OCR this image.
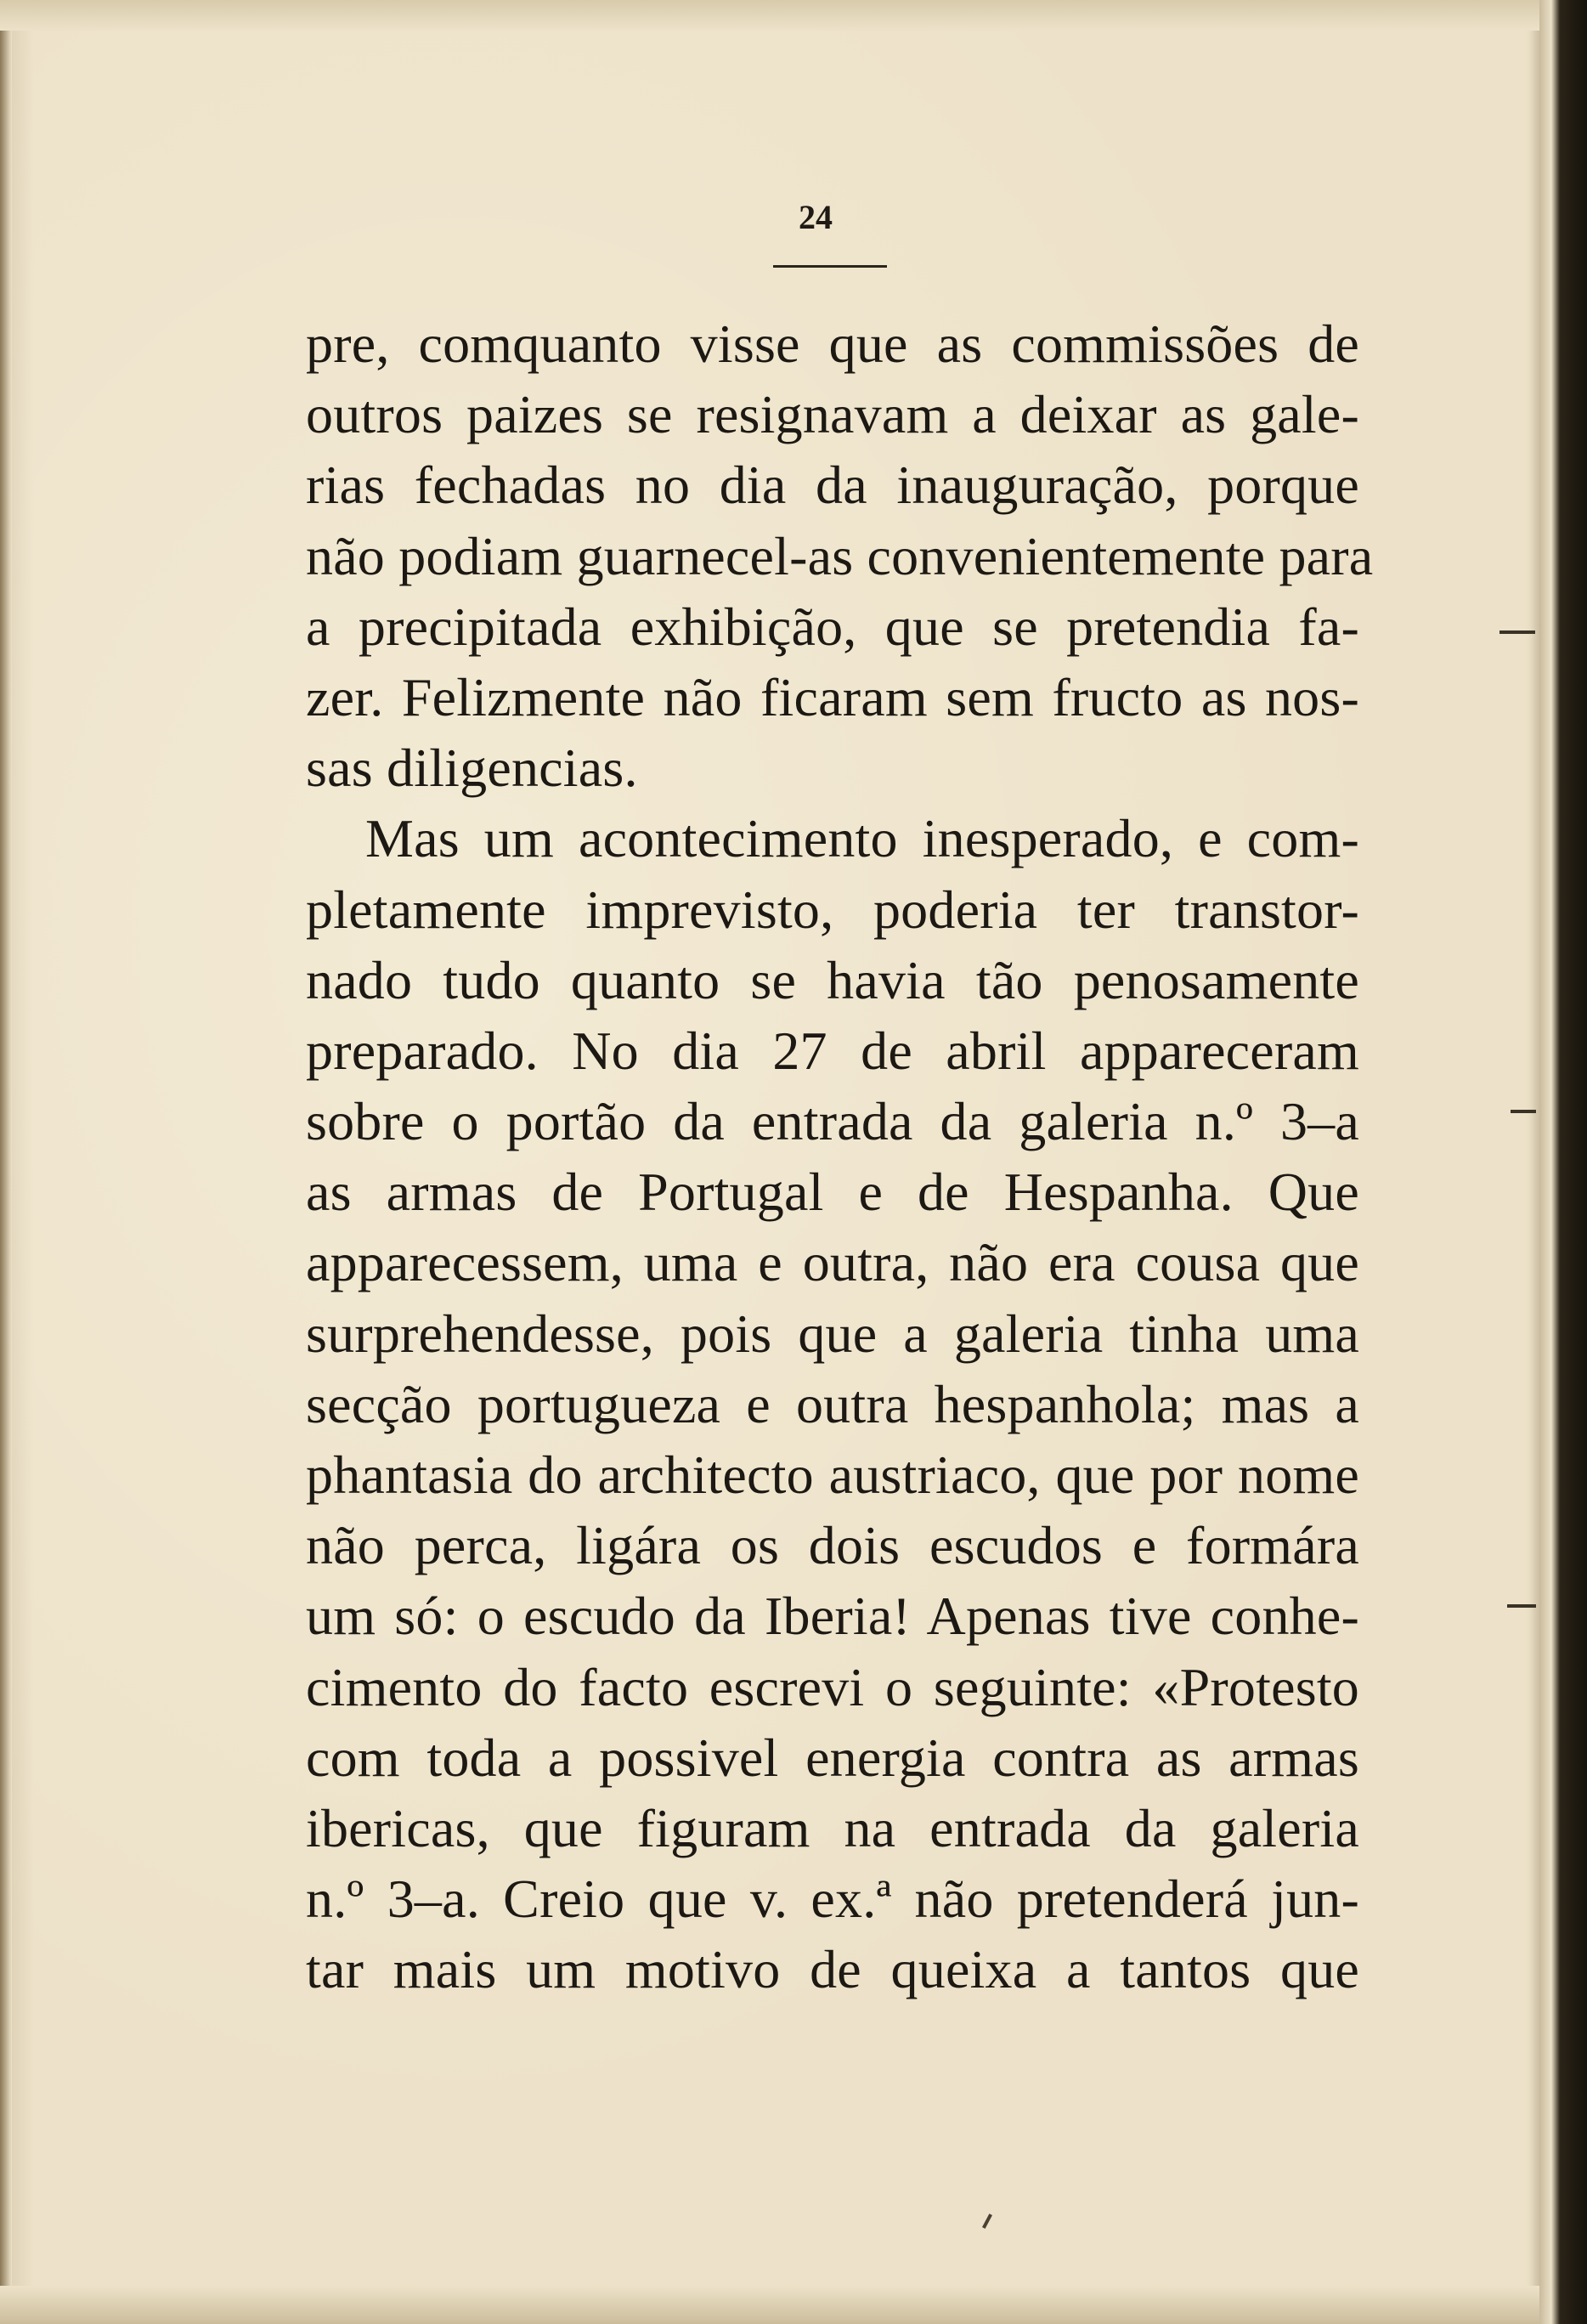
24
pre, comquanto visse que as commissões de
outros paizes se resignavam a deixar as gale-
rias fechadas no dia da inauguração, porque
não podiam guarnecel-as convenientemente para
a precipitada exhibição, que se pretendia fa-
zer. Felizmente não ficaram sem fructo as nos-
sas diligencias.
Mas um acontecimento inesperado, e com-
pletamente imprevisto, poderia ter transtor-
nado tudo quanto se havia tão penosamente
preparado. No dia 27 de abril appareceram
sobre o portão da entrada da galeria n.º 3–a
as armas de Portugal e de Hespanha. Que
apparecessem, uma e outra, não era cousa que
surprehendesse, pois que a galeria tinha uma
secção portugueza e outra hespanhola; mas a
phantasia do architecto austriaco, que por nome
não perca, ligára os dois escudos e formára
um só: o escudo da Iberia! Apenas tive conhe-
cimento do facto escrevi o seguinte: «Protesto
com toda a possivel energia contra as armas
ibericas, que figuram na entrada da galeria
n.º 3–a. Creio que v. ex.ª não pretenderá jun-
tar mais um motivo de queixa a tantos que
